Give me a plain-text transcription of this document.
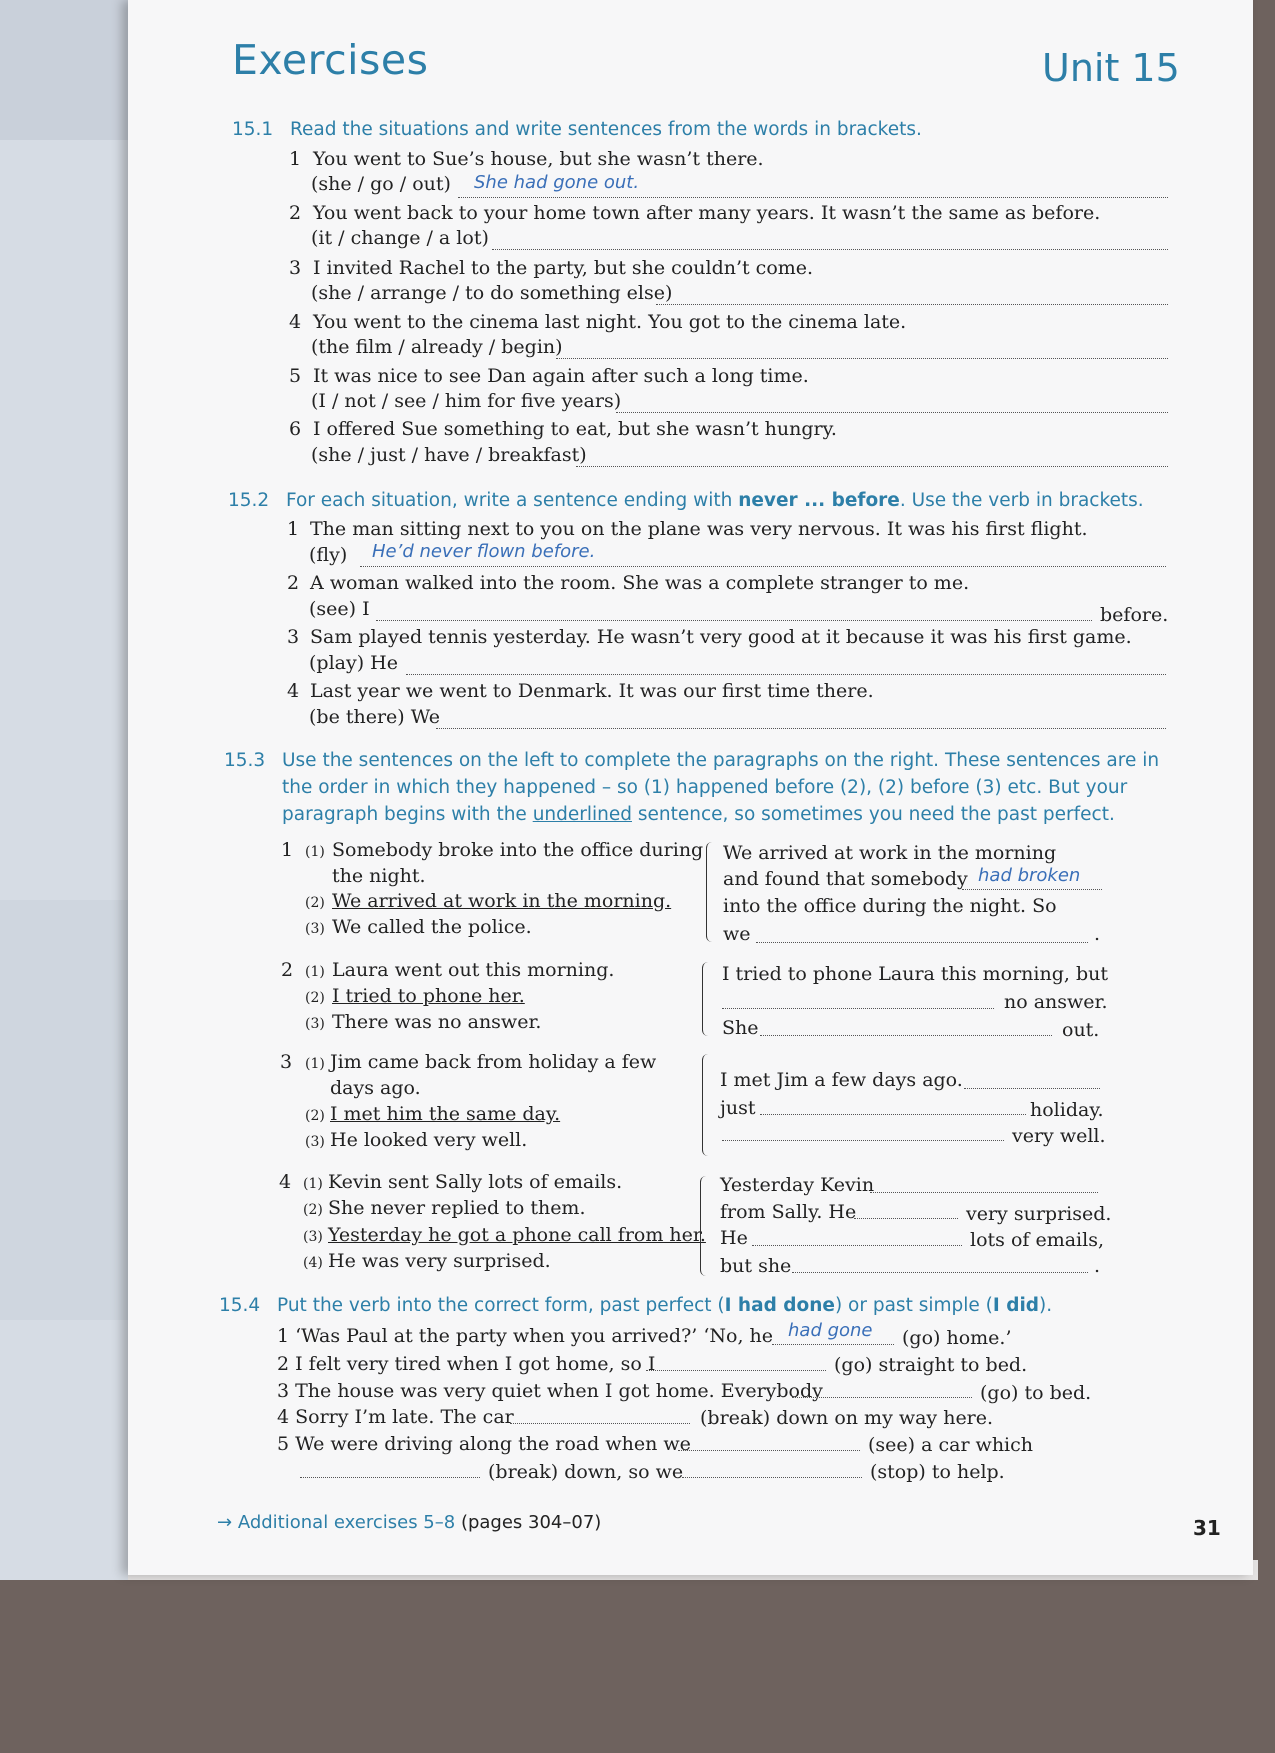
Exercises	Unit 15
15.1 Read the situations and write sentences from the words in brackets.
1 You went to Sue’s house, but she wasn’t there.
(she / go / out) She had gone out.
2 You went back to your home town after many years. It wasn’t the same as before.
(it / change / a lot)
3 I invited Rachel to the party, but she couldn’t come.
(she / arrange / to do something else)
4 You went to the cinema last night. You got to the cinema late.
(the film / already / begin)
5 It was nice to see Dan again after such a long time.
(I / not / see / him for five years)
6 I offered Sue something to eat, but she wasn’t hungry.
(she / just / have / breakfast)
15.2 For each situation, write a sentence ending with never ... before. Use the verb in brackets.
1 The man sitting next to you on the plane was very nervous. It was his first flight.
(fly) He’d never flown before.
2 A woman walked into the room. She was a complete stranger to me.
(see) I	before.
3 Sam played tennis yesterday. He wasn’t very good at it because it was his first game.
(play) He
4 Last year we went to Denmark. It was our first time there.
(be there) We
15.3 Use the sentences on the left to complete the paragraphs on the right. These sentences are in
the order in which they happened – so (1) happened before (2), (2) before (3) etc. But your
paragraph begins with the underlined sentence, so sometimes you need the past perfect.
1 (1) Somebody broke into the office during
the night.
(2) We arrived at work in the morning.
(3) We called the police.
We arrived at work in the morning
and found that somebody had broken
into the office during the night. So
we	.
2 (1) Laura went out this morning.
(2) I tried to phone her.
(3) There was no answer.
I tried to phone Laura this morning, but
no answer.
She	out.
3 (1) Jim came back from holiday a few
days ago.
(2) I met him the same day.
(3) He looked very well.
I met Jim a few days ago.
just	holiday.
very well.
4 (1) Kevin sent Sally lots of emails.
(2) She never replied to them.
(3) Yesterday he got a phone call from her.
(4) He was very surprised.
Yesterday Kevin
from Sally. He	very surprised.
He	lots of emails,
but she	.
15.4 Put the verb into the correct form, past perfect (I had done) or past simple (I did).
1 ‘Was Paul at the party when you arrived?’ ‘No, he had gone (go) home.’
2 I felt very tired when I got home, so I	(go) straight to bed.
3 The house was very quiet when I got home. Everybody	(go) to bed.
4 Sorry I’m late. The car	(break) down on my way here.
5 We were driving along the road when we	(see) a car which
(break) down, so we	(stop) to help.
→ Additional exercises 5–8 (pages 304–07)	31
